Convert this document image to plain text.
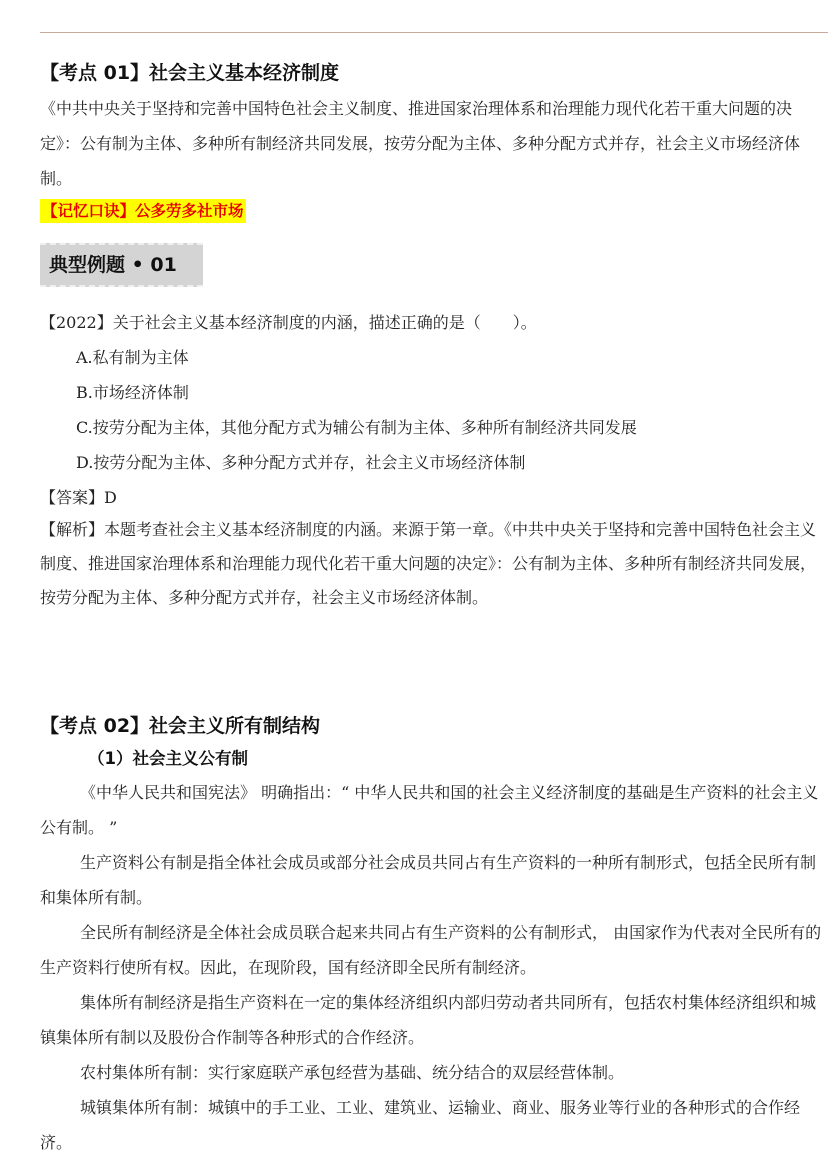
【考点 01】社会主义基本经济制度
《中共中央关于坚持和完善中国特色社会主义制度、推进国家治理体系和治理能力现代化若干重大问题的决定》：公有制为主体、多种所有制经济共同发展，按劳分配为主体、多种分配方式并存，社会主义市场经济体制。
【记忆口诀】公多劳多社市场
典型例题 • 01
【2022】关于社会主义基本经济制度的内涵，描述正确的是（　　）。
A.私有制为主体
B.市场经济体制
C.按劳分配为主体，其他分配方式为辅公有制为主体、多种所有制经济共同发展
D.按劳分配为主体、多种分配方式并存，社会主义市场经济体制
【答案】D
【解析】本题考查社会主义基本经济制度的内涵。来源于第一章。《中共中央关于坚持和完善中国特色社会主义制度、推进国家治理体系和治理能力现代化若干重大问题的决定》：公有制为主体、多种所有制经济共同发展，按劳分配为主体、多种分配方式并存，社会主义市场经济体制。
【考点 02】社会主义所有制结构
（1）社会主义公有制
《中华人民共和国宪法》 明确指出：“ 中华人民共和国的社会主义经济制度的基础是生产资料的社会主义公有制。 ”
生产资料公有制是指全体社会成员或部分社会成员共同占有生产资料的一种所有制形式，包括全民所有制和集体所有制。
全民所有制经济是全体社会成员联合起来共同占有生产资料的公有制形式， 由国家作为代表对全民所有的生产资料行使所有权。因此，在现阶段，国有经济即全民所有制经济。
集体所有制经济是指生产资料在一定的集体经济组织内部归劳动者共同所有，包括农村集体经济组织和城镇集体所有制以及股份合作制等各种形式的合作经济。
农村集体所有制：实行家庭联产承包经营为基础、统分结合的双层经营体制。
城镇集体所有制：城镇中的手工业、工业、建筑业、运输业、商业、服务业等行业的各种形式的合作经济。
